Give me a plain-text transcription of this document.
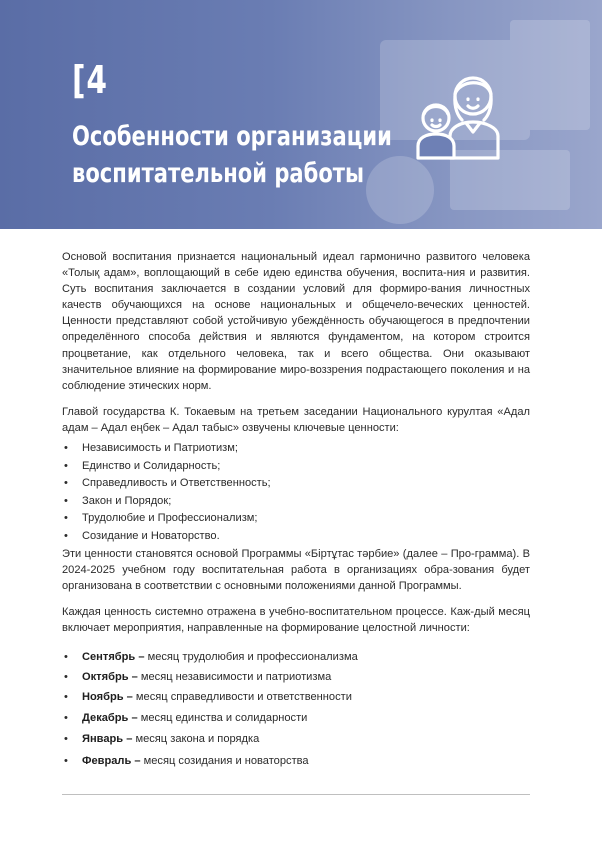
[4
Особенности организации
воспитательной работы

Основой воспитания признается национальный идеал гармонично развитого человека «Толық адам», воплощающий в себе идею единства обучения, воспита-ния и развития. Суть воспитания заключается в создании условий для формиро-вания личностных качеств обучающихся на основе национальных и общечело-веческих ценностей. Ценности представляют собой устойчивую убеждённость обучающегося в предпочтении определённого способа действия и являются фундаментом, на котором строится процветание, как отдельного человека, так и всего общества. Они оказывают значительное влияние на формирование миро-воззрения подрастающего поколения и на соблюдение этических норм.

Главой государства К. Токаевым на третьем заседании Национального курултая «Адал адам – Адал еңбек – Адал табыс» озвучены ключевые ценности:

• Независимость и Патриотизм;
• Единство и Солидарность;
• Справедливость и Ответственность;
• Закон и Порядок;
• Трудолюбие и Профессионализм;
• Созидание и Новаторство.

Эти ценности становятся основой Программы «Біртұтас тәрбие» (далее – Про-грамма). В 2024-2025 учебном году воспитательная работа в организациях обра-зования будет организована в соответствии с основными положениями данной Программы.

Каждая ценность системно отражена в учебно-воспитательном процессе. Каж-дый месяц включает мероприятия, направленные на формирование целостной личности:

• Сентябрь – месяц трудолюбия и профессионализма
• Октябрь – месяц независимости и патриотизма
• Ноябрь – месяц справедливости и ответственности
• Декабрь – месяц единства и солидарности
• Январь – месяц закона и порядка
• Февраль – месяц созидания и новаторства
